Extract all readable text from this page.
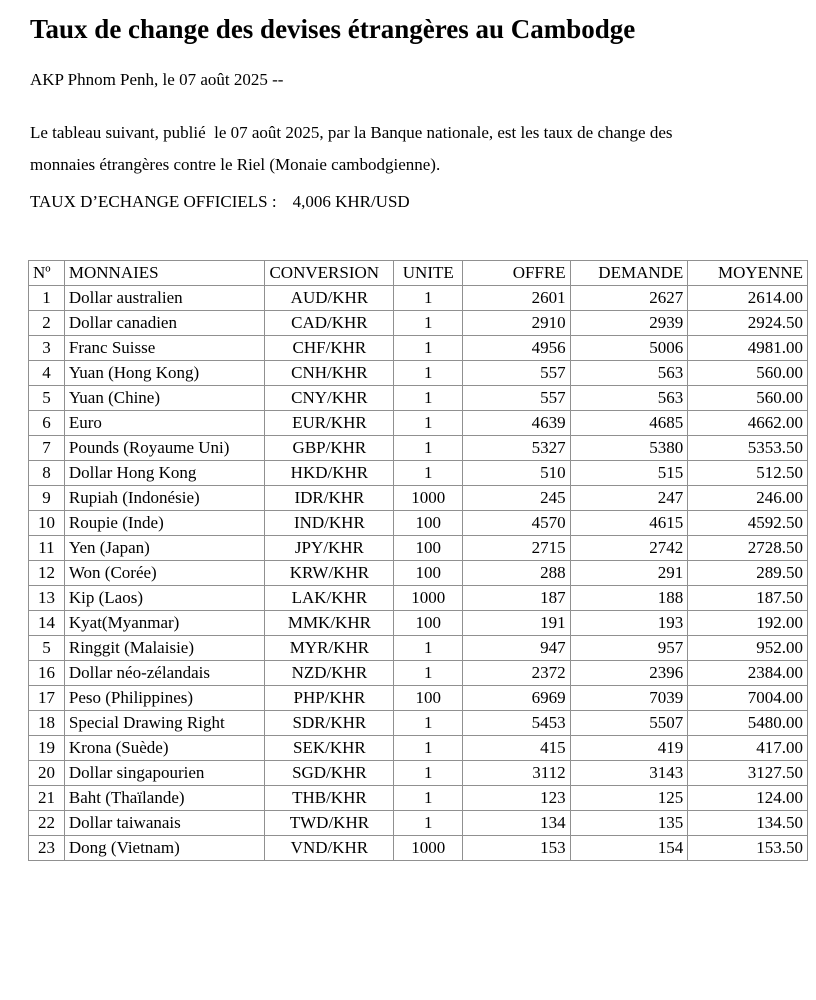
Taux de change des devises étrangères au Cambodge

AKP Phnom Penh, le 07 août 2025 --

Le tableau suivant, publié  le 07 août 2025, par la Banque nationale, est les taux de change des
monnaies étrangères contre le Riel (Monaie cambodgienne).

TAUX D’ECHANGE OFFICIELS : 4,006 KHR/USD

Nº	MONNAIES	CONVERSION	UNITE	OFFRE	DEMANDE	MOYENNE
1	Dollar australien	AUD/KHR	1	2601	2627	2614.00
2	Dollar canadien	CAD/KHR	1	2910	2939	2924.50
3	Franc Suisse	CHF/KHR	1	4956	5006	4981.00
4	Yuan (Hong Kong)	CNH/KHR	1	557	563	560.00
5	Yuan (Chine)	CNY/KHR	1	557	563	560.00
6	Euro	EUR/KHR	1	4639	4685	4662.00
7	Pounds (Royaume Uni)	GBP/KHR	1	5327	5380	5353.50
8	Dollar Hong Kong	HKD/KHR	1	510	515	512.50
9	Rupiah (Indonésie)	IDR/KHR	1000	245	247	246.00
10	Roupie (Inde)	IND/KHR	100	4570	4615	4592.50
11	Yen (Japan)	JPY/KHR	100	2715	2742	2728.50
12	Won (Corée)	KRW/KHR	100	288	291	289.50
13	Kip (Laos)	LAK/KHR	1000	187	188	187.50
14	Kyat(Myanmar)	MMK/KHR	100	191	193	192.00
5	Ringgit (Malaisie)	MYR/KHR	1	947	957	952.00
16	Dollar néo-zélandais	NZD/KHR	1	2372	2396	2384.00
17	Peso (Philippines)	PHP/KHR	100	6969	7039	7004.00
18	Special Drawing Right	SDR/KHR	1	5453	5507	5480.00
19	Krona (Suède)	SEK/KHR	1	415	419	417.00
20	Dollar singapourien	SGD/KHR	1	3112	3143	3127.50
21	Baht (Thaïlande)	THB/KHR	1	123	125	124.00
22	Dollar taiwanais	TWD/KHR	1	134	135	134.50
23	Dong (Vietnam)	VND/KHR	1000	153	154	153.50
